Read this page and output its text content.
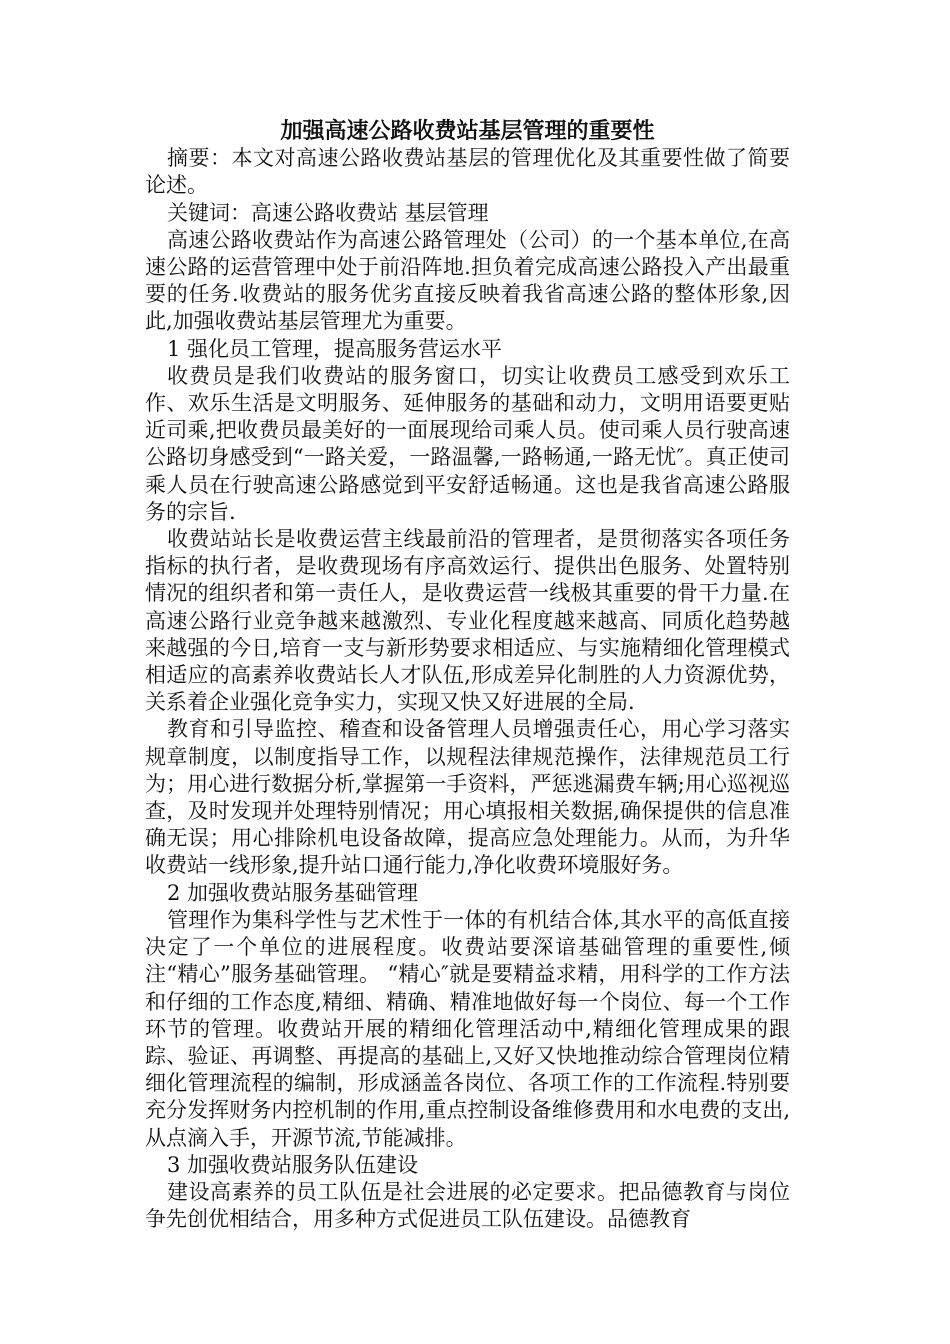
加强高速公路收费站基层管理的重要性

摘要：本文对高速公路收费站基层的管理优化及其重要性做了简要论述。

关键词：高速公路收费站 基层管理

高速公路收费站作为高速公路管理处（公司）的一个基本单位,在高速公路的运营管理中处于前沿阵地.担负着完成高速公路投入产出最重要的任务.收费站的服务优劣直接反映着我省高速公路的整体形象,因此,加强收费站基层管理尤为重要。

1 强化员工管理，提高服务营运水平

收费员是我们收费站的服务窗口，切实让收费员工感受到欢乐工作、欢乐生活是文明服务、延伸服务的基础和动力，文明用语要更贴近司乘,把收费员最美好的一面展现给司乘人员。使司乘人员行驶高速公路切身感受到“一路关爱，一路温馨,一路畅通,一路无忧″。真正使司乘人员在行驶高速公路感觉到平安舒适畅通。这也是我省高速公路服务的宗旨.

收费站站长是收费运营主线最前沿的管理者，是贯彻落实各项任务指标的执行者，是收费现场有序高效运行、提供出色服务、处置特别情况的组织者和第一责任人，是收费运营一线极其重要的骨干力量.在高速公路行业竞争越来越激烈、专业化程度越来越高、同质化趋势越来越强的今日,培育一支与新形势要求相适应、与实施精细化管理模式相适应的高素养收费站长人才队伍,形成差异化制胜的人力资源优势，关系着企业强化竞争实力，实现又快又好进展的全局.

教育和引导监控、稽查和设备管理人员增强责任心，用心学习落实规章制度，以制度指导工作，以规程法律规范操作，法律规范员工行为；用心进行数据分析,掌握第一手资料，严惩逃漏费车辆;用心巡视巡查，及时发现并处理特别情况；用心填报相关数据,确保提供的信息准确无误；用心排除机电设备故障，提高应急处理能力。从而，为升华收费站一线形象,提升站口通行能力,净化收费环境服好务。

2 加强收费站服务基础管理

管理作为集科学性与艺术性于一体的有机结合体,其水平的高低直接决定了一个单位的进展程度。收费站要深谙基础管理的重要性,倾注“精心”服务基础管理。 “精心″就是要精益求精，用科学的工作方法和仔细的工作态度,精细、精确、精准地做好每一个岗位、每一个工作环节的管理。收费站开展的精细化管理活动中,精细化管理成果的跟踪、验证、再调整、再提高的基础上,又好又快地推动综合管理岗位精细化管理流程的编制，形成涵盖各岗位、各项工作的工作流程.特别要充分发挥财务内控机制的作用,重点控制设备维修费用和水电费的支出,从点滴入手，开源节流,节能减排。

3 加强收费站服务队伍建设

建设高素养的员工队伍是社会进展的必定要求。把品德教育与岗位争先创优相结合，用多种方式促进员工队伍建设。品德教育
